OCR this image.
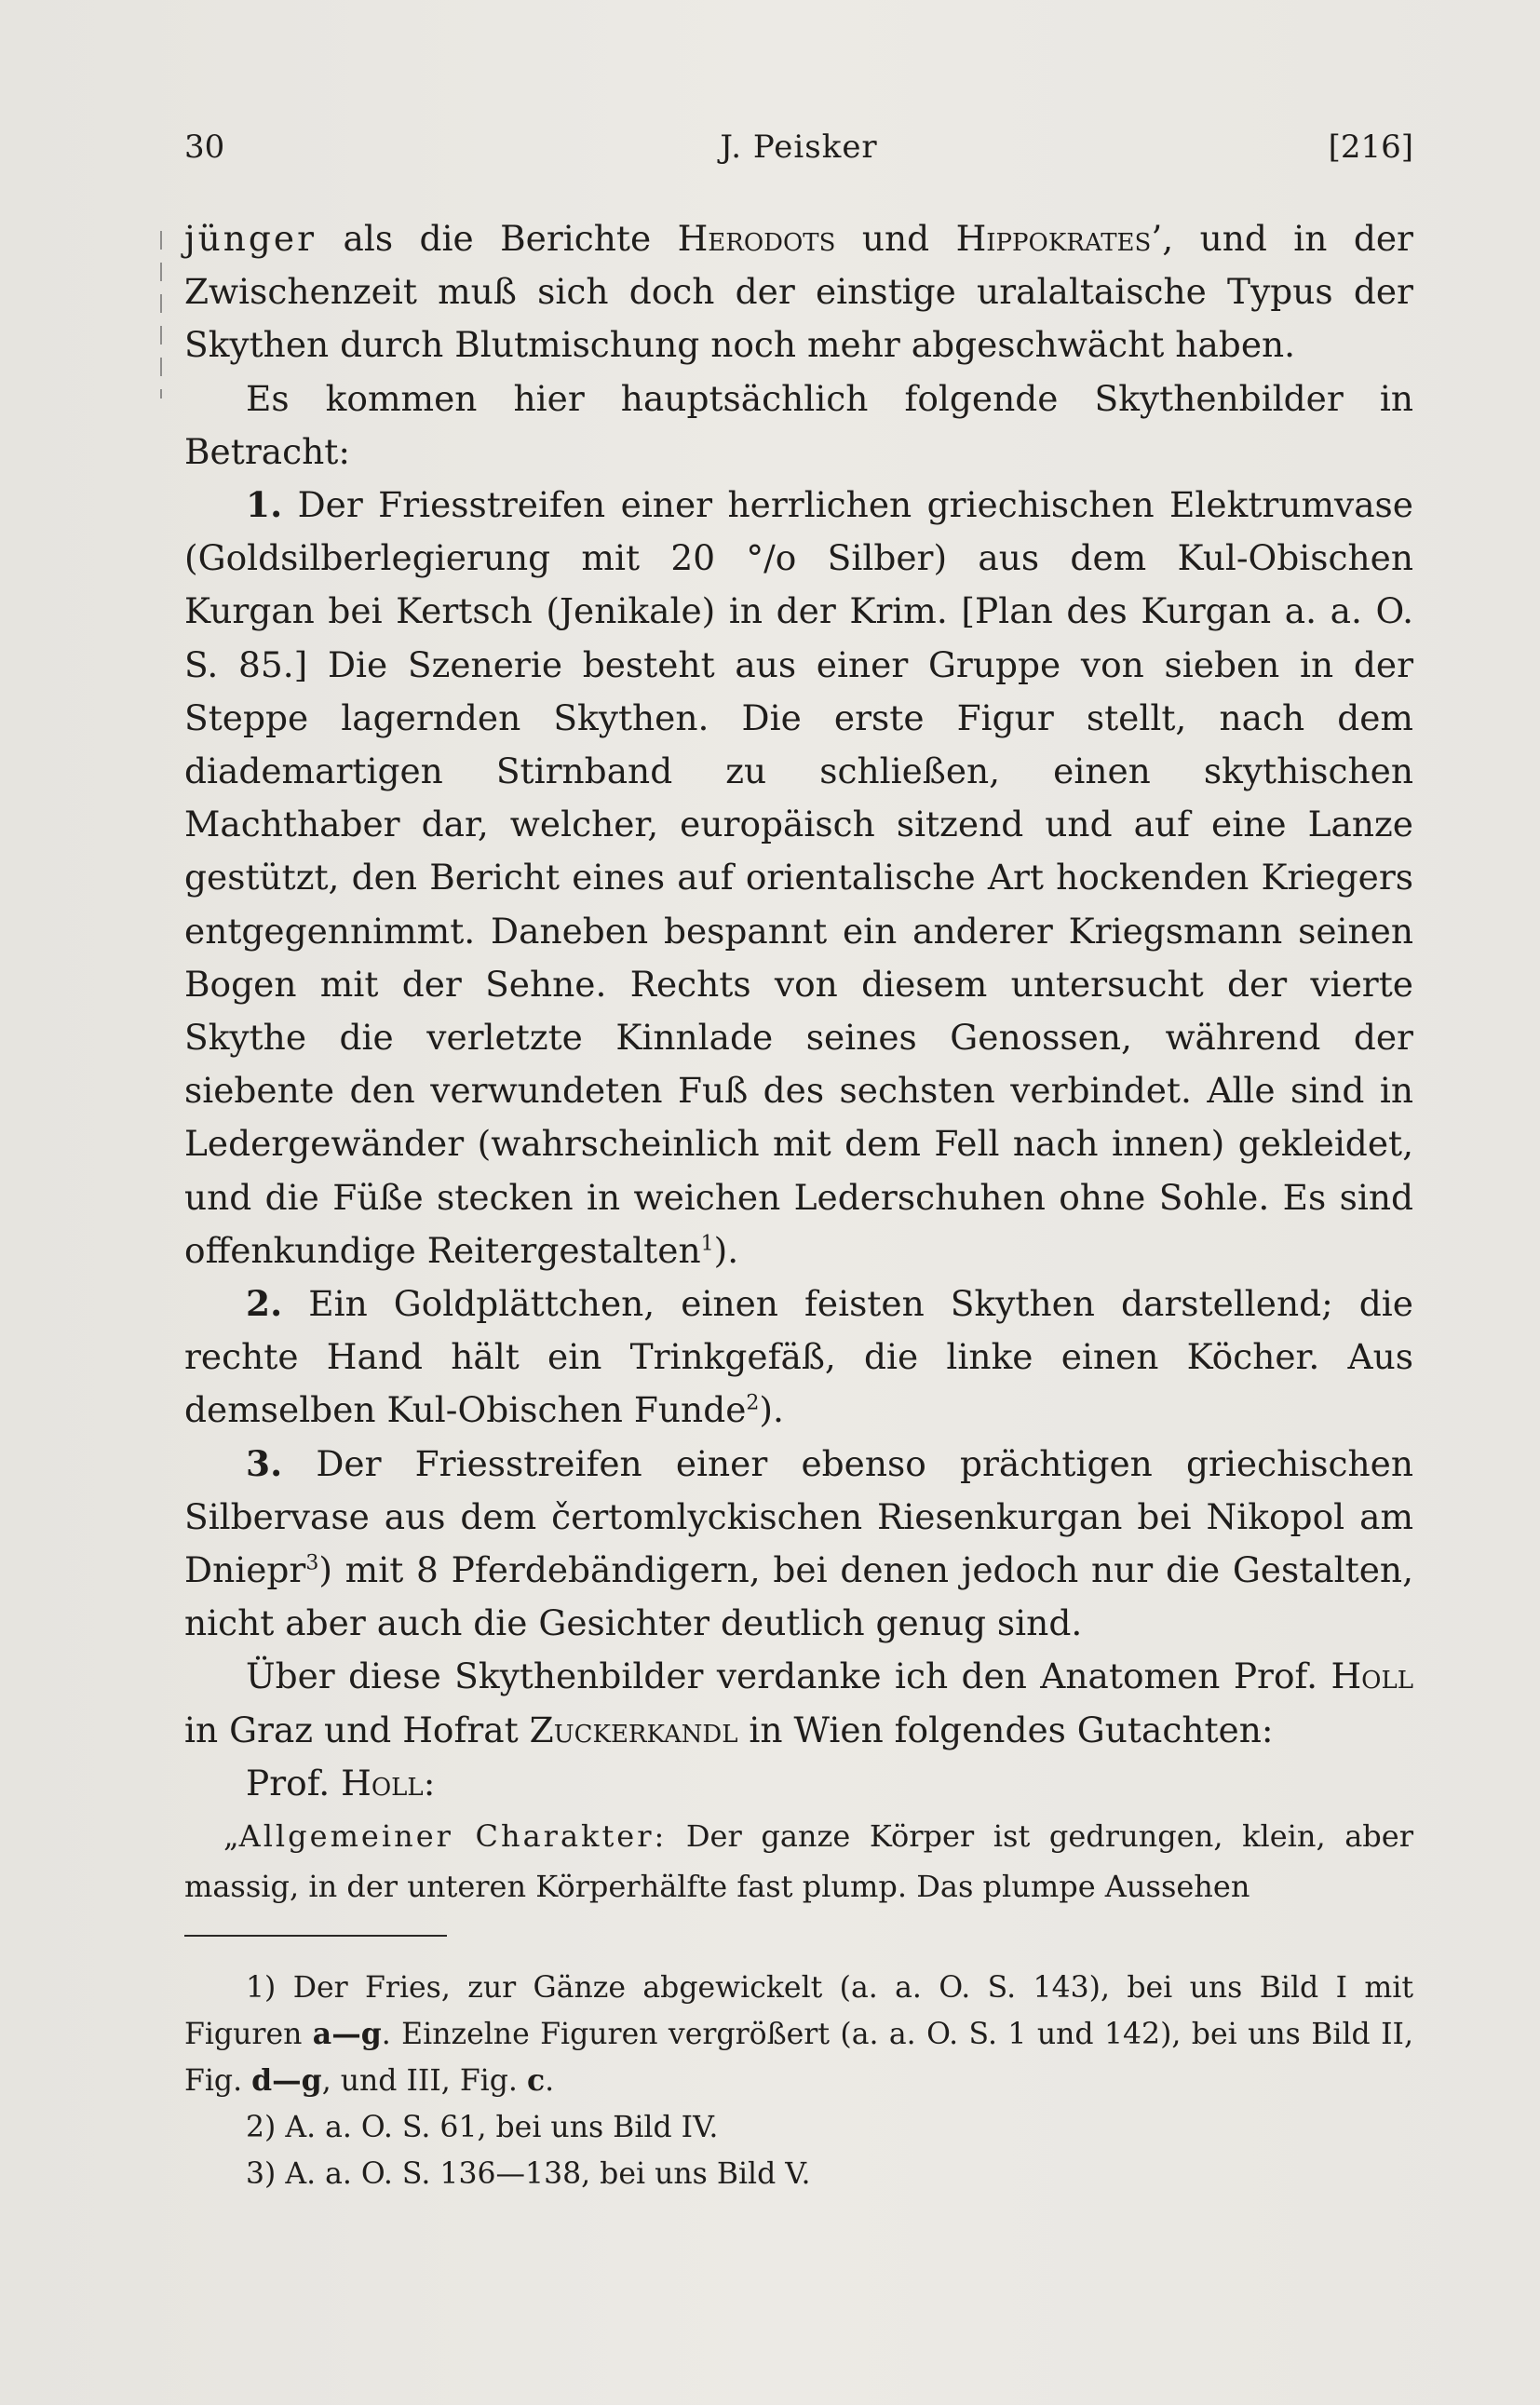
30	J. Peisker	[216]

jünger als die Berichte Herodots und Hippokrates’, und in der Zwischenzeit muß sich doch der einstige uralaltaische Typus der Skythen durch Blutmischung noch mehr abgeschwächt haben.

Es kommen hier hauptsächlich folgende Skythenbilder in Betracht:

1. Der Friesstreifen einer herrlichen griechischen Elektrumvase (Goldsilberlegierung mit 20 °/o Silber) aus dem Kul-Obischen Kurgan bei Kertsch (Jenikale) in der Krim. [Plan des Kurgan a. a. O. S. 85.] Die Szenerie besteht aus einer Gruppe von sieben in der Steppe lagernden Skythen. Die erste Figur stellt, nach dem diademartigen Stirnband zu schließen, einen skythischen Machthaber dar, welcher, europäisch sitzend und auf eine Lanze gestützt, den Bericht eines auf orientalische Art hockenden Kriegers entgegennimmt. Daneben bespannt ein anderer Kriegsmann seinen Bogen mit der Sehne. Rechts von diesem untersucht der vierte Skythe die verletzte Kinnlade seines Genossen, während der siebente den verwundeten Fuß des sechsten verbindet. Alle sind in Ledergewänder (wahrscheinlich mit dem Fell nach innen) gekleidet, und die Füße stecken in weichen Lederschuhen ohne Sohle. Es sind offenkundige Reitergestalten$^1$).

2. Ein Goldplättchen, einen feisten Skythen darstellend; die rechte Hand hält ein Trinkgefäß, die linke einen Köcher. Aus demselben Kul-Obischen Funde$^2$).

3. Der Friesstreifen einer ebenso prächtigen griechischen Silbervase aus dem čertomlyckischen Riesenkurgan bei Nikopol am Dniepr$^3$) mit 8 Pferdebändigern, bei denen jedoch nur die Gestalten, nicht aber auch die Gesichter deutlich genug sind.

Über diese Skythenbilder verdanke ich den Anatomen Prof. Holl in Graz und Hofrat Zuckerkandl in Wien folgendes Gutachten:

Prof. Holl:

„Allgemeiner Charakter: Der ganze Körper ist gedrungen, klein, aber massig, in der unteren Körperhälfte fast plump. Das plumpe Aussehen

1) Der Fries, zur Gänze abgewickelt (a. a. O. S. 143), bei uns Bild I mit Figuren a—g. Einzelne Figuren vergrößert (a. a. O. S. 1 und 142), bei uns Bild II, Fig. d—g, und III, Fig. c.

2) A. a. O. S. 61, bei uns Bild IV.

3) A. a. O. S. 136—138, bei uns Bild V.
